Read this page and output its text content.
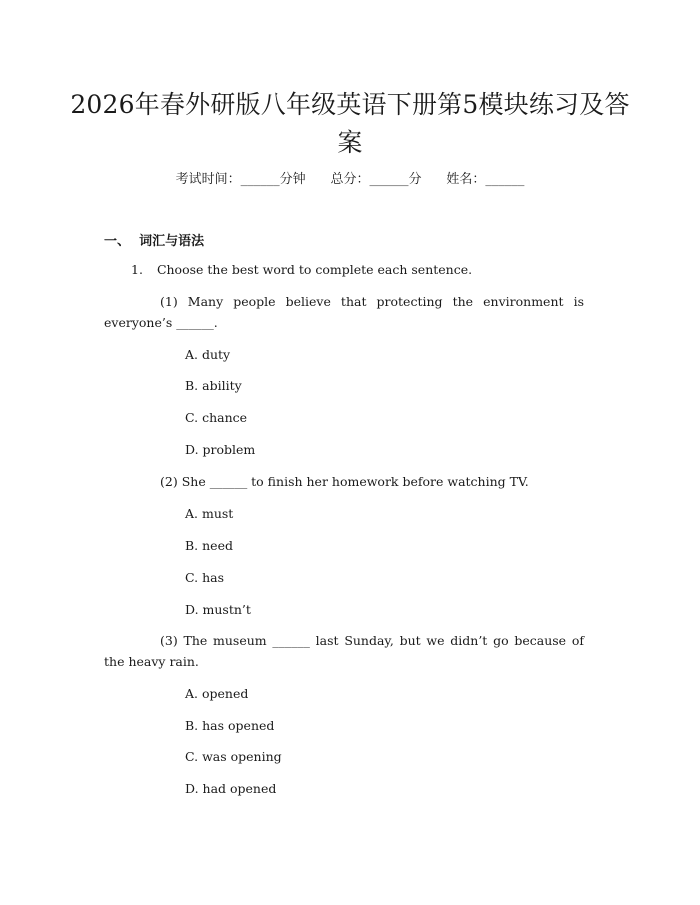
2026年春外研版八年级英语下册第5模块练习及答案
考试时间：______分钟 总分：______分 姓名：______
一、 词汇与语法
1. Choose the best word to complete each sentence.
(1) Many people believe that protecting the environment is everyone’s ______.
A. duty
B. ability
C. chance
D. problem
(2) She ______ to finish her homework before watching TV.
A. must
B. need
C. has
D. mustn’t
(3) The museum ______ last Sunday, but we didn’t go because of the heavy rain.
A. opened
B. has opened
C. was opening
D. had opened
